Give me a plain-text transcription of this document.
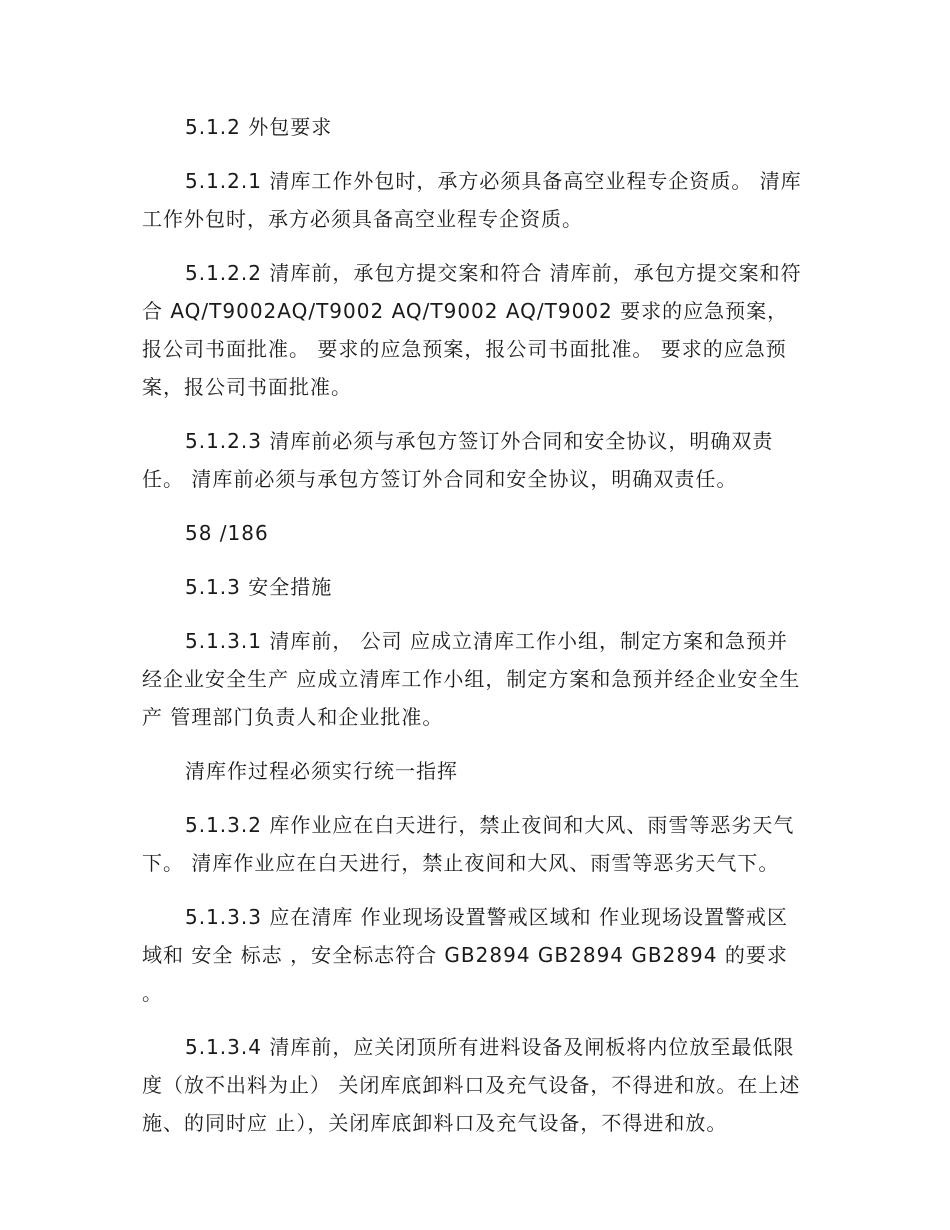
5.1.2 外包要求

5.1.2.1 清库工作外包时，承方必须具备高空业程专企资质。 清库工作外包时，承方必须具备高空业程专企资质。

5.1.2.2 清库前，承包方提交案和符合 清库前，承包方提交案和符合 AQ/T9002AQ/T9002 AQ/T9002 AQ/T9002 要求的应急预案，报公司书面批准。 要求的应急预案，报公司书面批准。 要求的应急预案，报公司书面批准。

5.1.2.3 清库前必须与承包方签订外合同和安全协议，明确双责任。 清库前必须与承包方签订外合同和安全协议，明确双责任。

58 /186

5.1.3 安全措施

5.1.3.1 清库前， 公司 应成立清库工作小组，制定方案和急预并经企业安全生产 应成立清库工作小组，制定方案和急预并经企业安全生产 管理部门负责人和企业批准。

清库作过程必须实行统一指挥

5.1.3.2 库作业应在白天进行，禁止夜间和大风、雨雪等恶劣天气下。 清库作业应在白天进行，禁止夜间和大风、雨雪等恶劣天气下。

5.1.3.3 应在清库 作业现场设置警戒区域和 作业现场设置警戒区域和 安全 标志 ，安全标志符合 GB2894 GB2894 GB2894 的要求 。

5.1.3.4 清库前，应关闭顶所有进料设备及闸板将内位放至最低限度（放不出料为止） 关闭库底卸料口及充气设备，不得进和放。在上述施、的同时应 止），关闭库底卸料口及充气设备，不得进和放。
